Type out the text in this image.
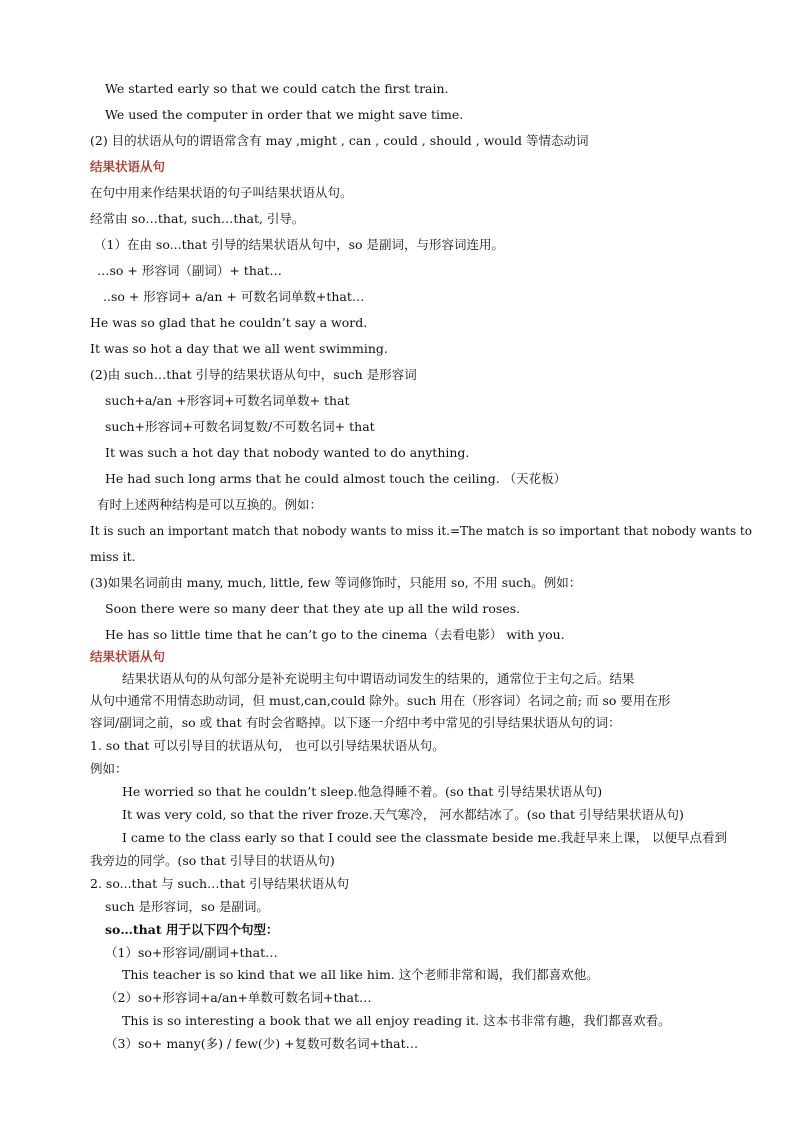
We started early so that we could catch the first train.
We used the computer in order that we might save time.
(2) 目的状语从句的谓语常含有 may ,might , can , could , should , would 等情态动词
结果状语从句
在句中用来作结果状语的句子叫结果状语从句。
经常由 so…that, such…that, 引导。
（1）在由 so...that 引导的结果状语从句中，so 是副词，与形容词连用。
…so + 形容词（副词）+ that…
..so + 形容词+ a/an + 可数名词单数+that…
He was so glad that he couldn’t say a word.
It was so hot a day that we all went swimming.
(2)由 such…that 引导的结果状语从句中，such 是形容词
such+a/an +形容词+可数名词单数+ that
such+形容词+可数名词复数/不可数名词+ that
It was such a hot day that nobody wanted to do anything.
He had such long arms that he could almost touch the ceiling. （天花板）
有时上述两种结构是可以互换的。例如：
It is such an important match that nobody wants to miss it.=The match is so important that nobody wants to
miss it.
(3)如果名词前由 many, much, little, few 等词修饰时，只能用 so, 不用 such。例如：
Soon there were so many deer that they ate up all the wild roses.
He has so little time that he can’t go to the cinema（去看电影） with you.
结果状语从句
结果状语从句的从句部分是补充说明主句中谓语动词发生的结果的，通常位于主句之后。结果
从句中通常不用情态助动词，但 must,can,could 除外。such 用在（形容词）名词之前; 而 so 要用在形
容词/副词之前，so 或 that 有时会省略掉。以下逐一介绍中考中常见的引导结果状语从句的词：
1. so that 可以引导目的状语从句， 也可以引导结果状语从句。
例如：
He worried so that he couldn’t sleep.他急得睡不着。(so that 引导结果状语从句)
It was very cold, so that the river froze.天气寒冷， 河水都结冰了。(so that 引导结果状语从句)
I came to the class early so that I could see the classmate beside me.我赶早来上课， 以便早点看到
我旁边的同学。(so that 引导目的状语从句)
2. so...that 与 such…that 引导结果状语从句
such 是形容词，so 是副词。
so…that 用于以下四个句型：
（1）so+形容词/副词+that…
This teacher is so kind that we all like him. 这个老师非常和谒，我们都喜欢他。
（2）so+形容词+a/an+单数可数名词+that…
This is so interesting a book that we all enjoy reading it. 这本书非常有趣，我们都喜欢看。
（3）so+ many(多) / few(少) +复数可数名词+that…
